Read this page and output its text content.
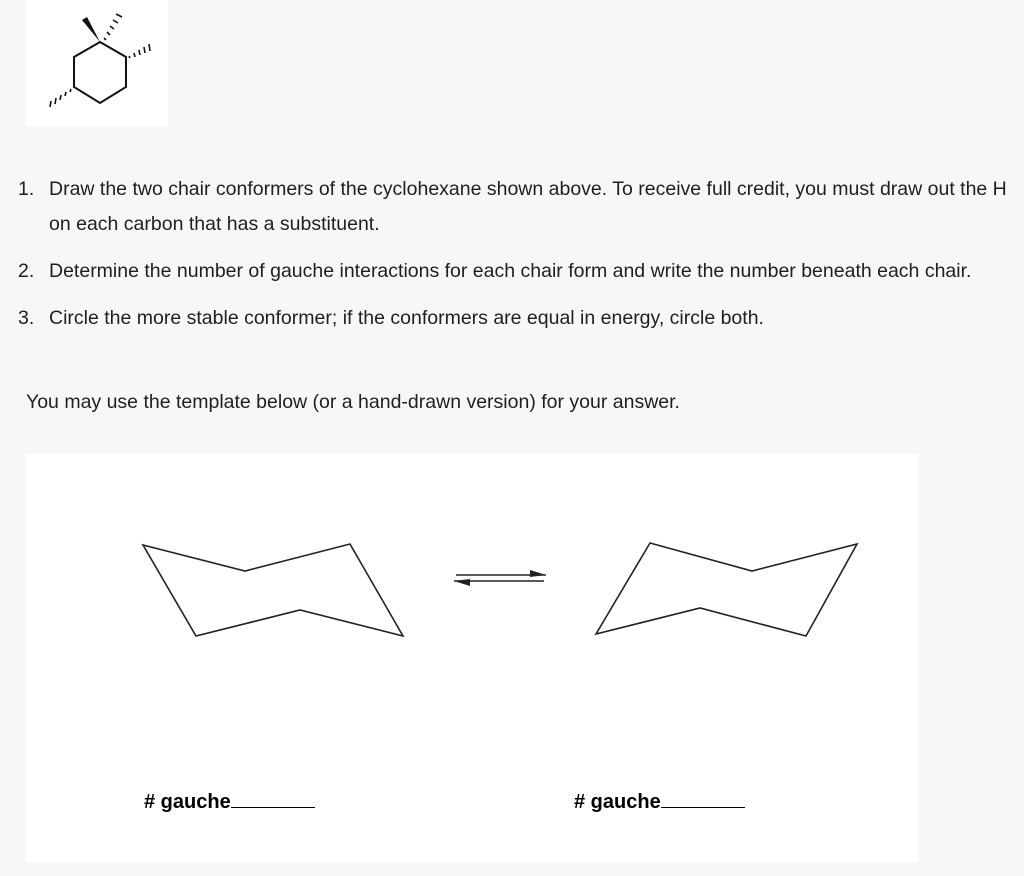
1. Draw the two chair conformers of the cyclohexane shown above. To receive full credit, you must draw out the H on each carbon that has a substituent.
2. Determine the number of gauche interactions for each chair form and write the number beneath each chair.
3. Circle the more stable conformer; if the conformers are equal in energy, circle both.

You may use the template below (or a hand-drawn version) for your answer.

# gauche	# gauche
